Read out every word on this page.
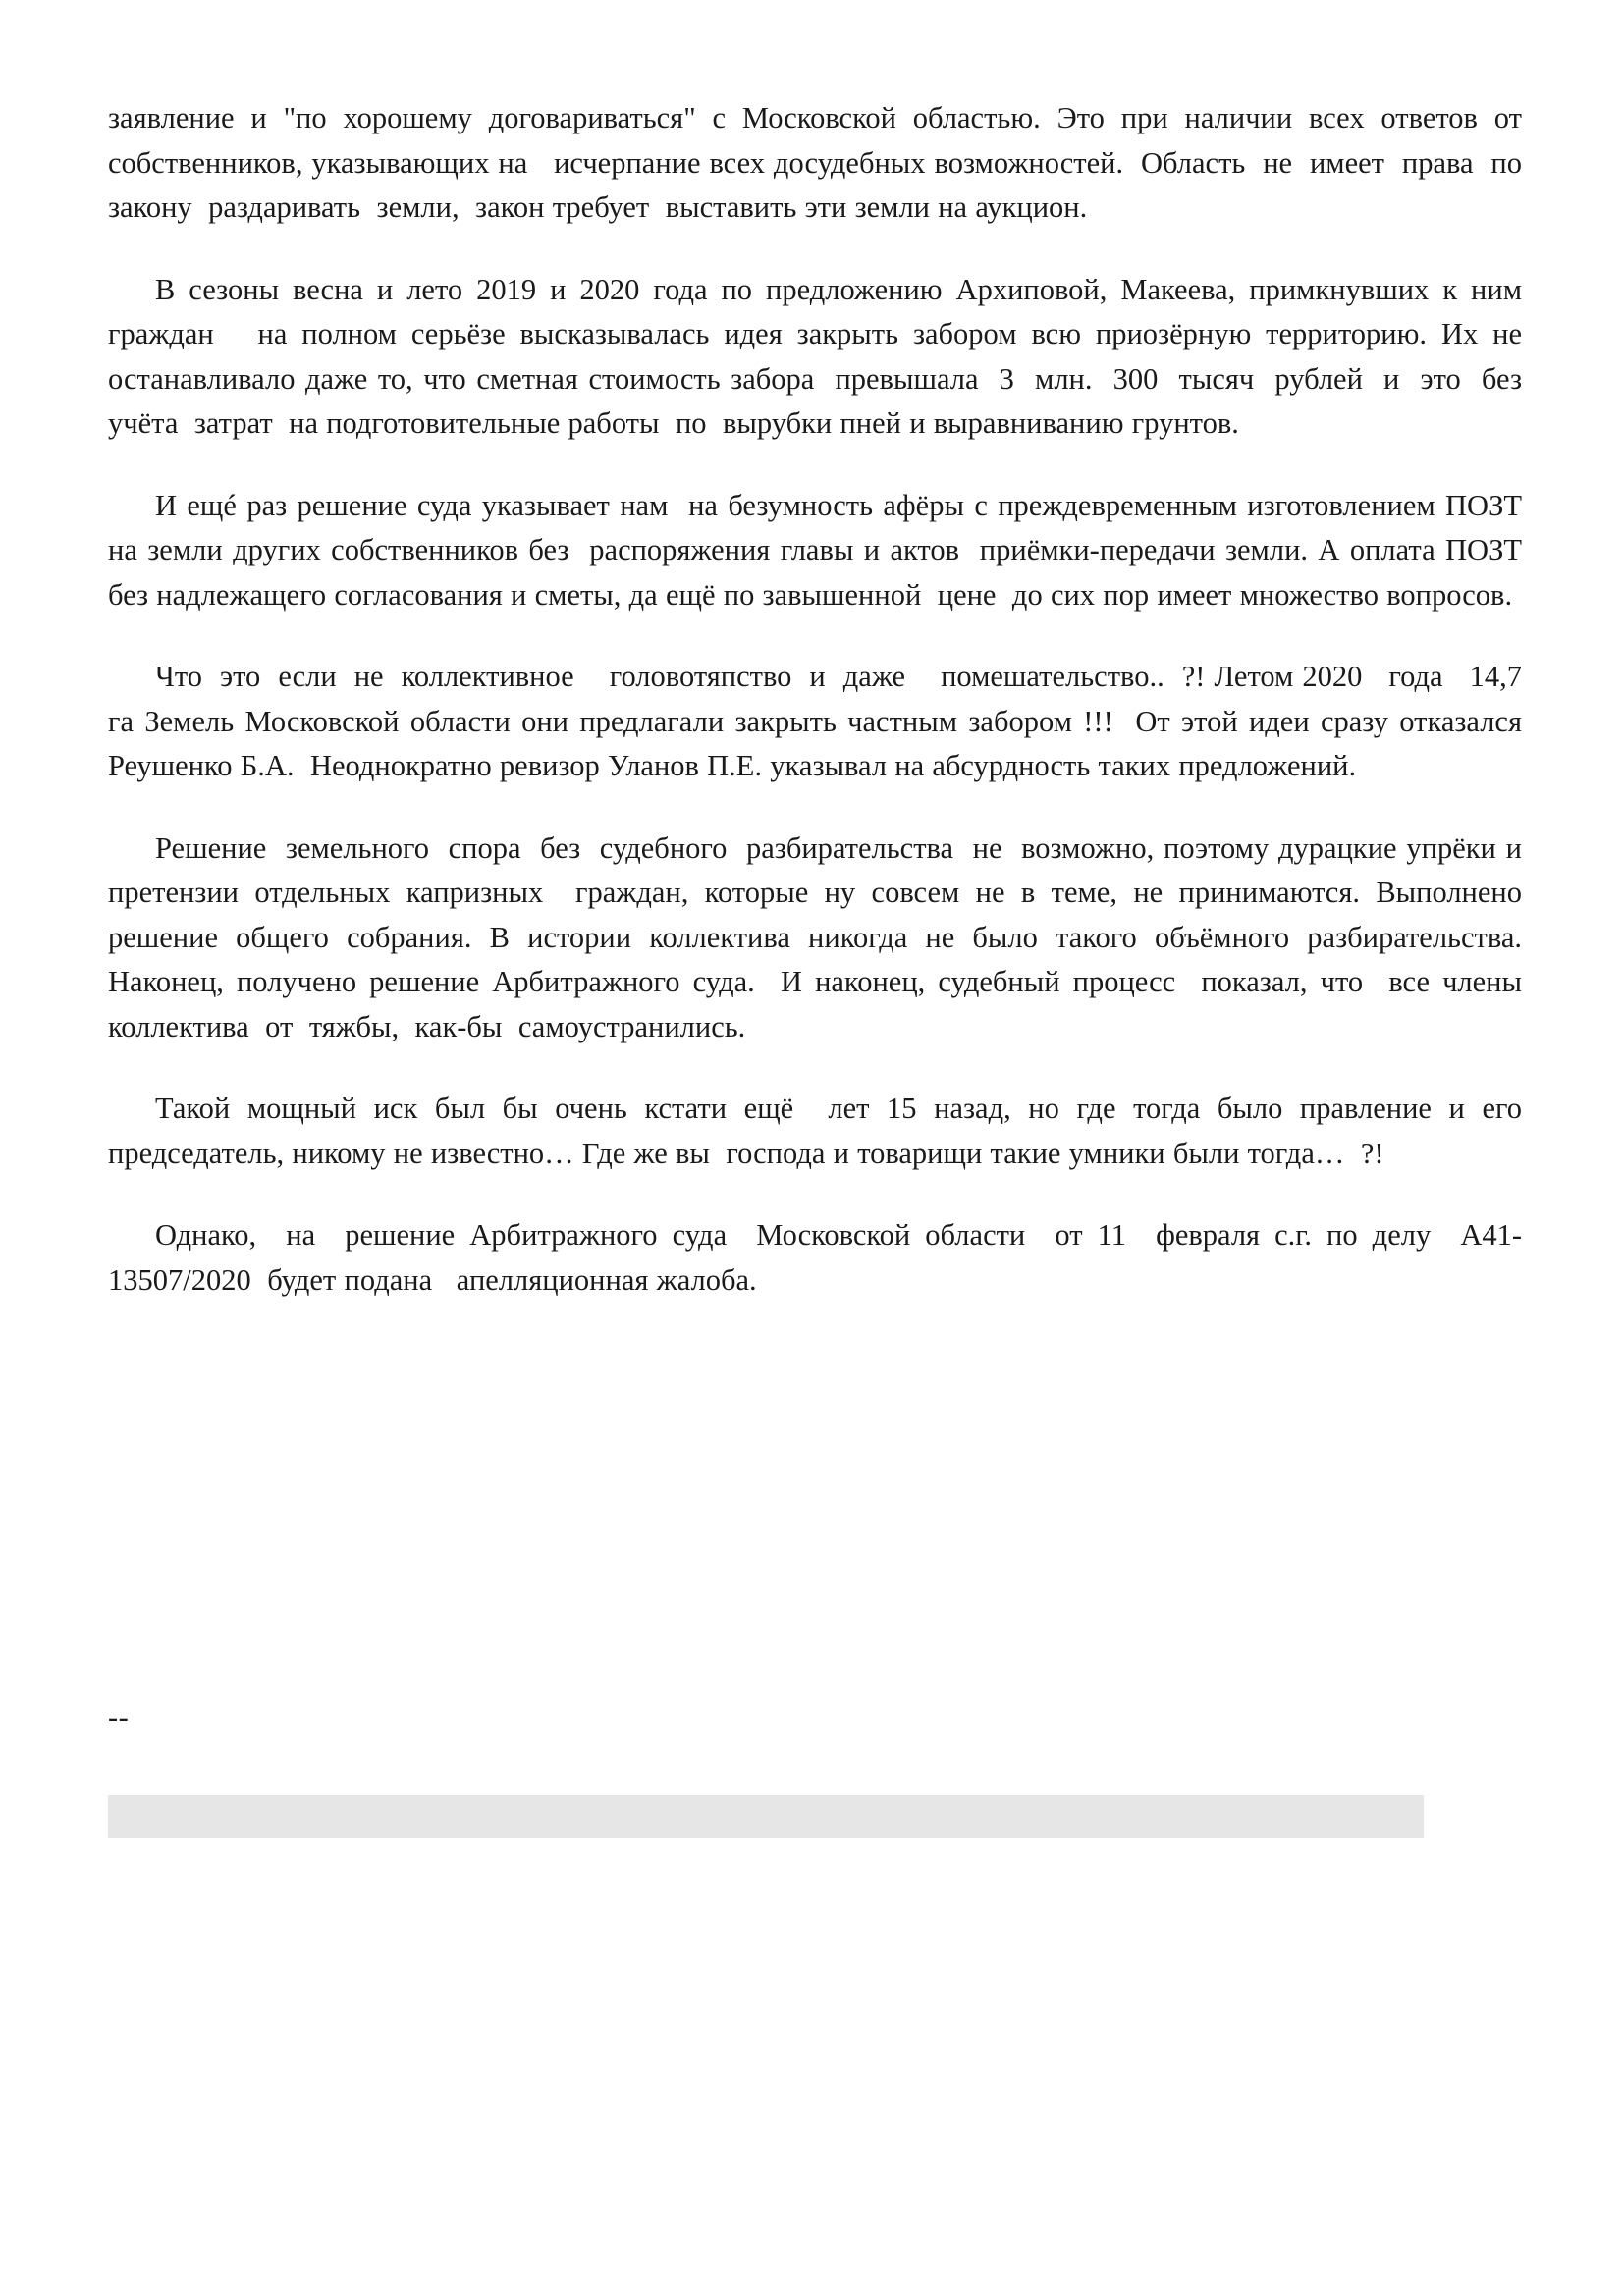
заявление и "по хорошему договариваться" с Московской областью. Это при наличии всех ответов от собственников, указывающих на   исчерпание всех досудебных возможностей.  Область  не  имеет  права  по  закону  раздаривать  земли,  закон требует  выставить эти земли на аукцион.

В сезоны весна и лето 2019 и 2020 года по предложению Архиповой, Макеева, примкнувших к ним граждан   на полном серьёзе высказывалась идея закрыть забором всю приозёрную территорию. Их не останавливало даже то, что сметная стоимость забора  превышала  3  млн.  300  тысяч  рублей  и  это  без  учёта  затрат  на подготовительные работы  по  вырубки пней и выравниванию грунтов.

И ещé раз решение суда указывает нам  на безумность афёры с преждевременным изготовлением ПОЗТ на земли других собственников без  распоряжения главы и актов  приёмки-передачи земли. А оплата ПОЗТ без надлежащего согласования и сметы, да ещё по завышенной  цене  до сих пор имеет множество вопросов.

Что  это  если  не  коллективное    головотяпство  и  даже    помешательство..  ?! Летом 2020   года   14,7 га Земель Московской области они предлагали закрыть частным забором !!!  От этой идеи сразу отказался Реушенко Б.А.  Неоднократно ревизор Уланов П.Е. указывал на абсурдность таких предложений.

Решение  земельного  спора  без  судебного  разбирательства  не  возможно, поэтому дурацкие упрёки и претензии отдельных капризных  граждан, которые ну совсем не в теме, не принимаются. Выполнено решение общего собрания. В истории коллектива никогда не было такого объёмного разбирательства. Наконец, получено решение Арбитражного суда.  И наконец, судебный процесс  показал, что  все члены коллектива  от  тяжбы,  как-бы  самоустранились.

Такой мощный иск был бы очень кстати ещё  лет 15 назад, но где тогда было правление и его председатель, никому не известно… Где же вы  господа и товарищи такие умники были тогда…  ?!

Однако,  на  решение Арбитражного суда  Московской области  от 11  февраля с.г. по делу  А41-13507/2020  будет подана   апелляционная жалоба.

--
